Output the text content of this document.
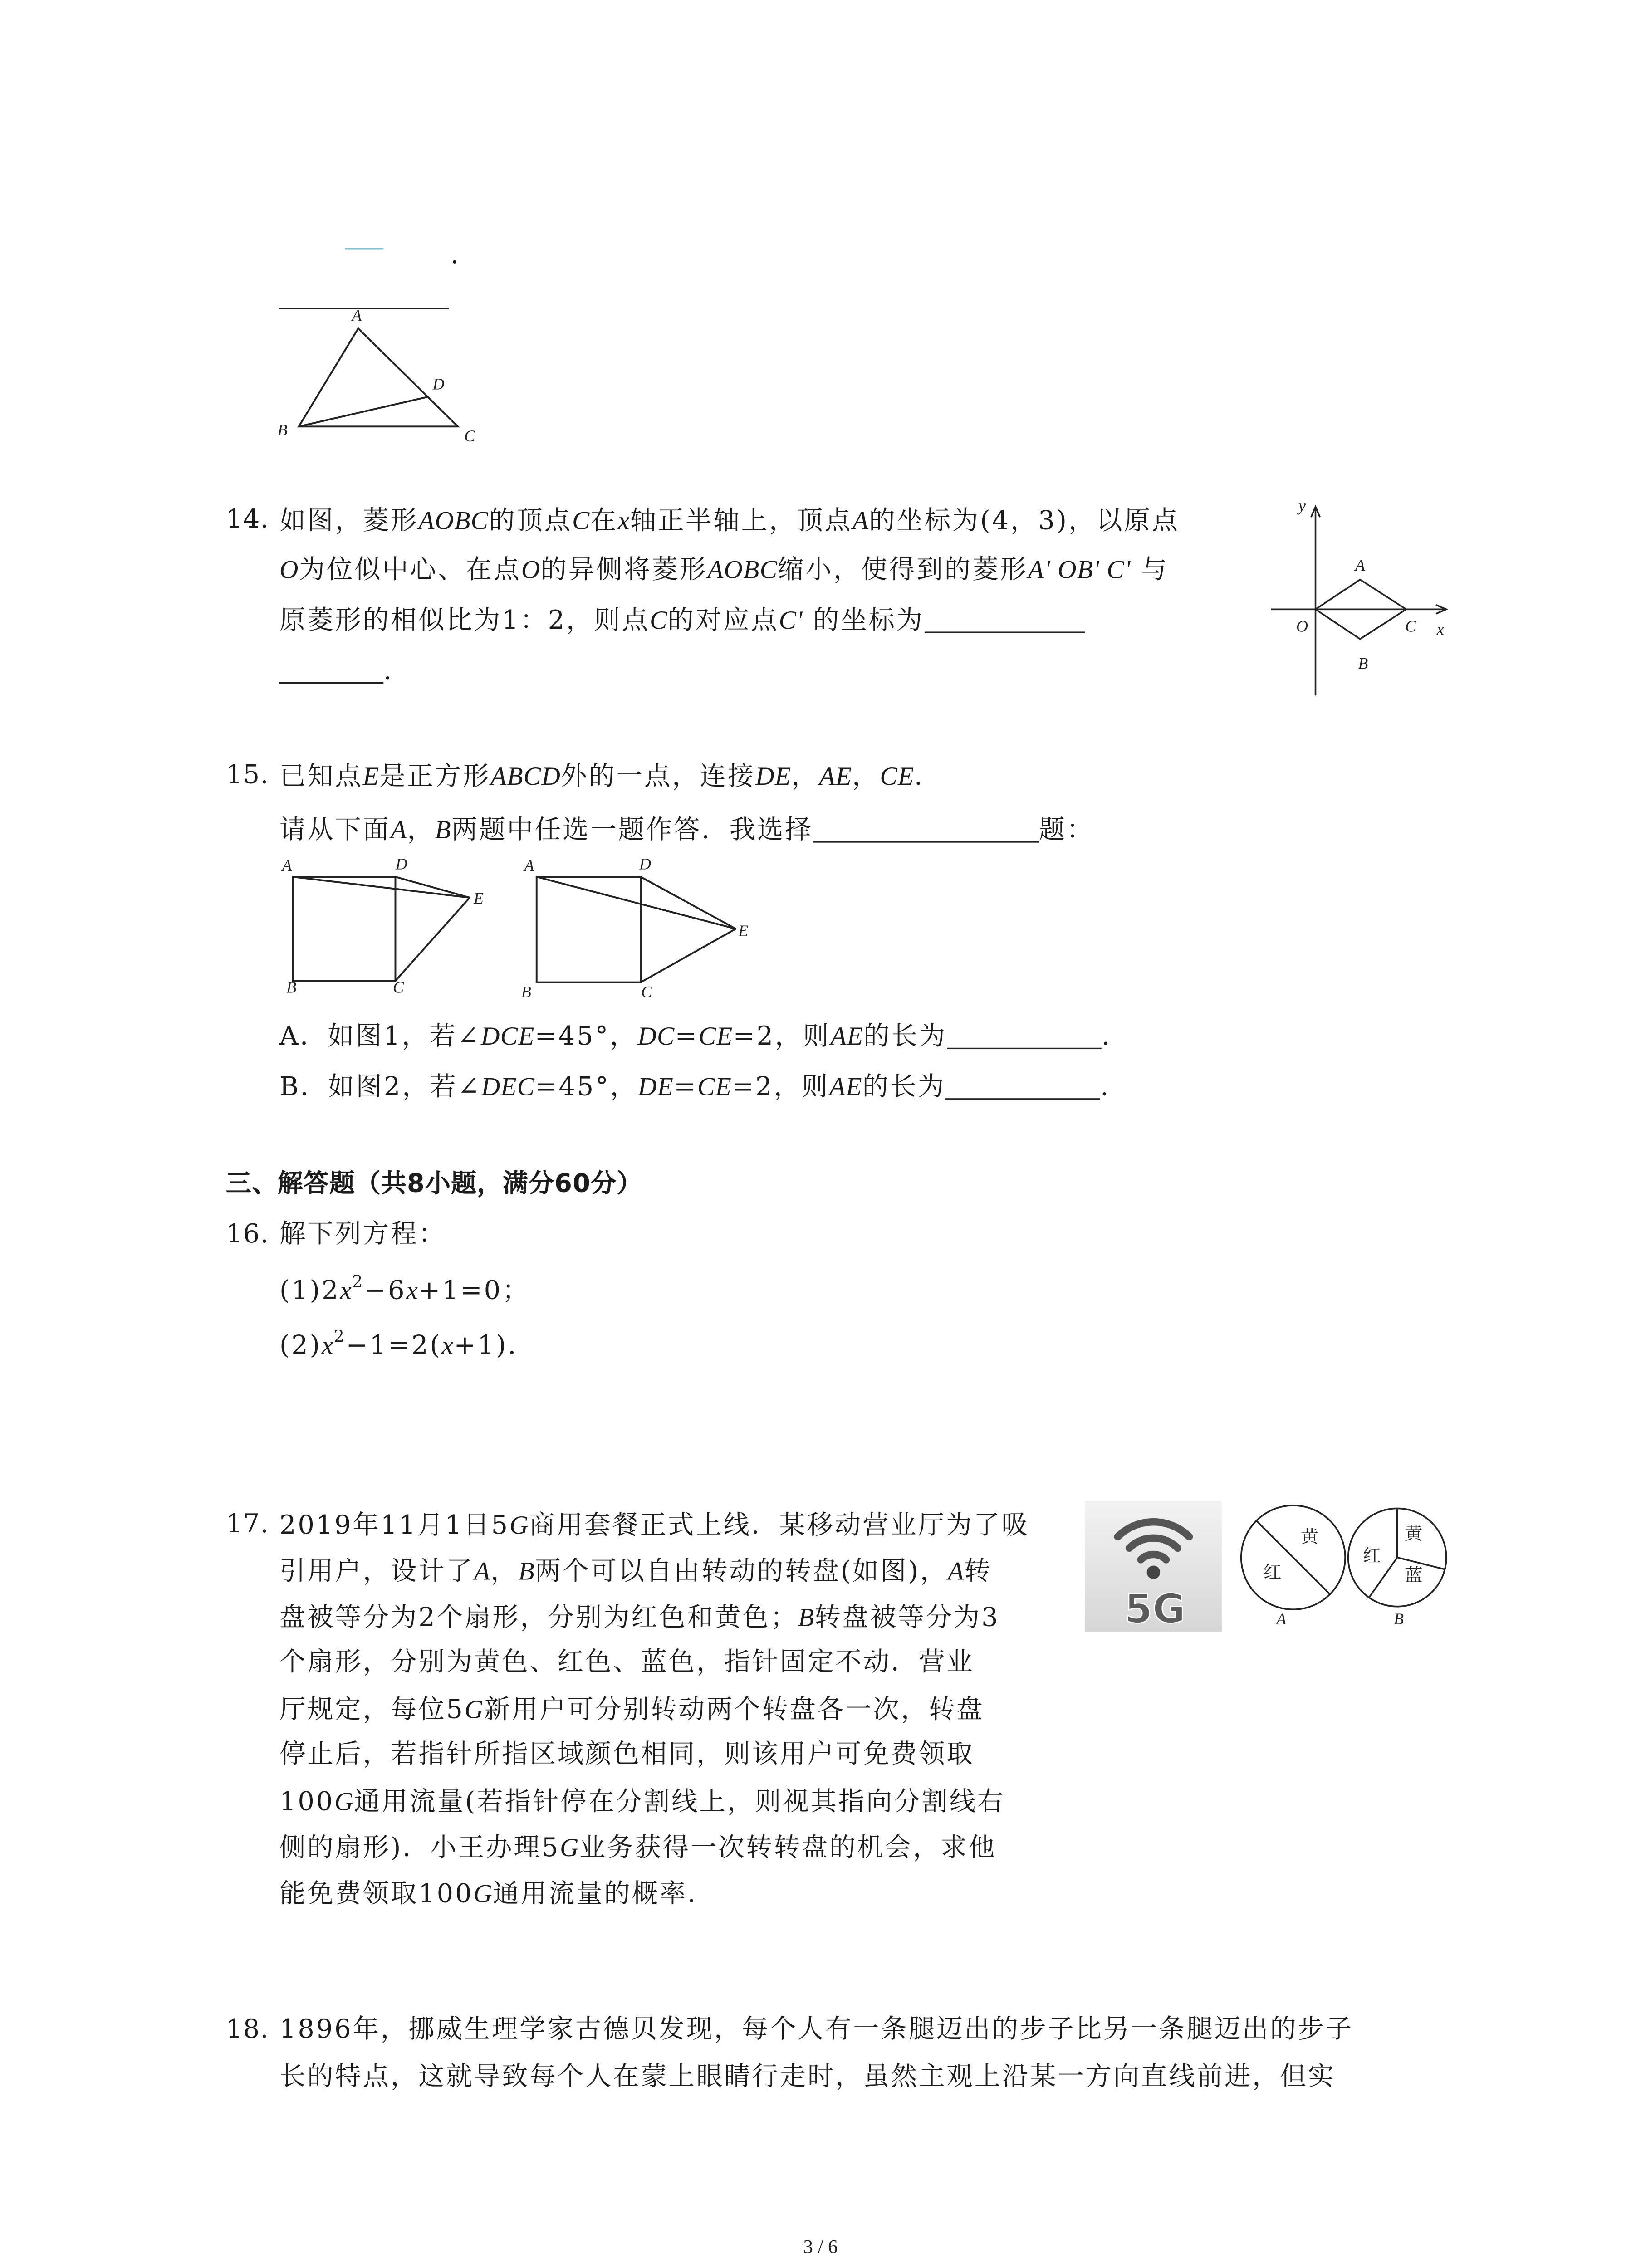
.
14. 如图，菱形AOBC的顶点C在x轴正半轴上，顶点A的坐标为(4，3)，以原点
O为位似中心、在点O的异侧将菱形AOBC缩小，使得到的菱形A' OB' C' 与
原菱形的相似比为1：2，则点C的对应点C' 的坐标为
.
15. 已知点E是正方形ABCD外的一点，连接DE，AE，CE．
请从下面A，B两题中任选一题作答．我选择	题：
A．如图1，若∠DCE=45°，DC=CE=2，则AE的长为	.
B．如图2，若∠DEC=45°，DE=CE=2，则AE的长为	.
三、解答题（共8小题，满分60分）
16. 解下列方程：
$(1)2x^2-6x+1=0$；
$(2)x^2-1=2(x+1)$.
17. 2019年11月1日5G商用套餐正式上线．某移动营业厅为了吸
引用户，设计了A，B两个可以自由转动的转盘(如图)，A转
盘被等分为2个扇形，分别为红色和黄色；B转盘被等分为3
个扇形，分别为黄色、红色、蓝色，指针固定不动．营业
厅规定，每位5G新用户可分别转动两个转盘各一次，转盘
停止后，若指针所指区域颜色相同，则该用户可免费领取
100G通用流量(若指针停在分割线上，则视其指向分割线右
侧的扇形)．小王办理5G业务获得一次转转盘的机会，求他
能免费领取100G通用流量的概率．
18. 1896年，挪威生理学家古德贝发现，每个人有一条腿迈出的步子比另一条腿迈出的步子
长的特点，这就导致每个人在蒙上眼睛行走时，虽然主观上沿某一方向直线前进，但实
3 / 6
A
B	C
D
y
A
O	C
B
x
A	D
E
B	C
A	D
E
B	C
5G
黄
红
A
黄
红
蓝
B
